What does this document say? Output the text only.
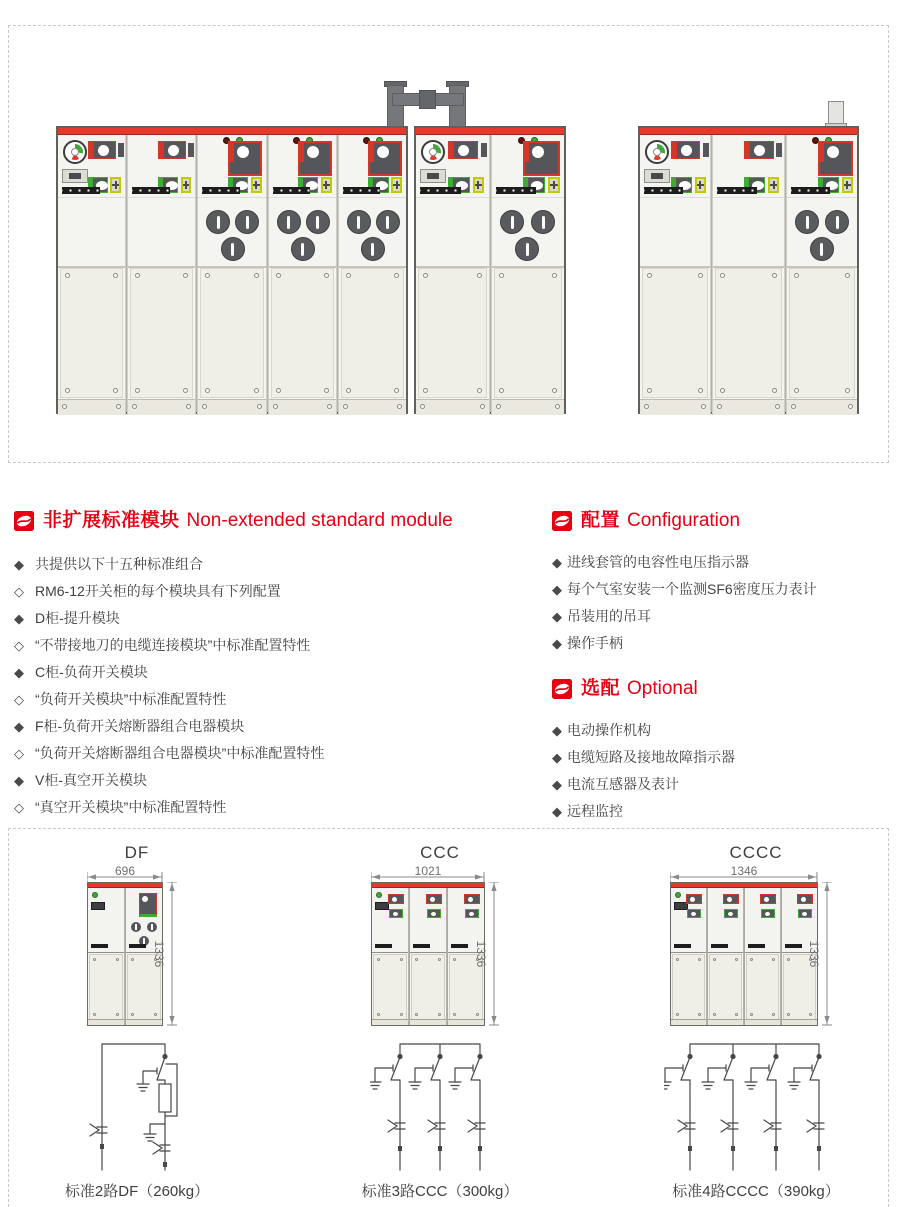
非扩展标准模块 Non-extended standard module
◆ 共提供以下十五种标准组合
◇ RM6-12开关柜的每个模块具有下列配置
◆ D柜-提升模块
◇ “不带接地刀的电缆连接模块”中标准配置特性
◆ C柜-负荷开关模块
◇ “负荷开关模块”中标准配置特性
◆ F柜-负荷开关熔断器组合电器模块
◇ “负荷开关熔断器组合电器模块”中标准配置特性
◆ V柜-真空开关模块
◇ “真空开关模块”中标准配置特性
配置 Configuration
◆ 进线套管的电容性电压指示器
◆ 每个气室安装一个监测SF6密度压力表计
◆ 吊装用的吊耳
◆ 操作手柄
选配 Optional
◆ 电动操作机构
◆ 电缆短路及接地故障指示器
◆ 电流互感器及表计
◆ 远程监控
DF
696
1336
标准2路DF（260kg）
CCC
1021
1336
标准3路CCC（300kg）
CCCC
1346
1336
标准4路CCCC（390kg）
